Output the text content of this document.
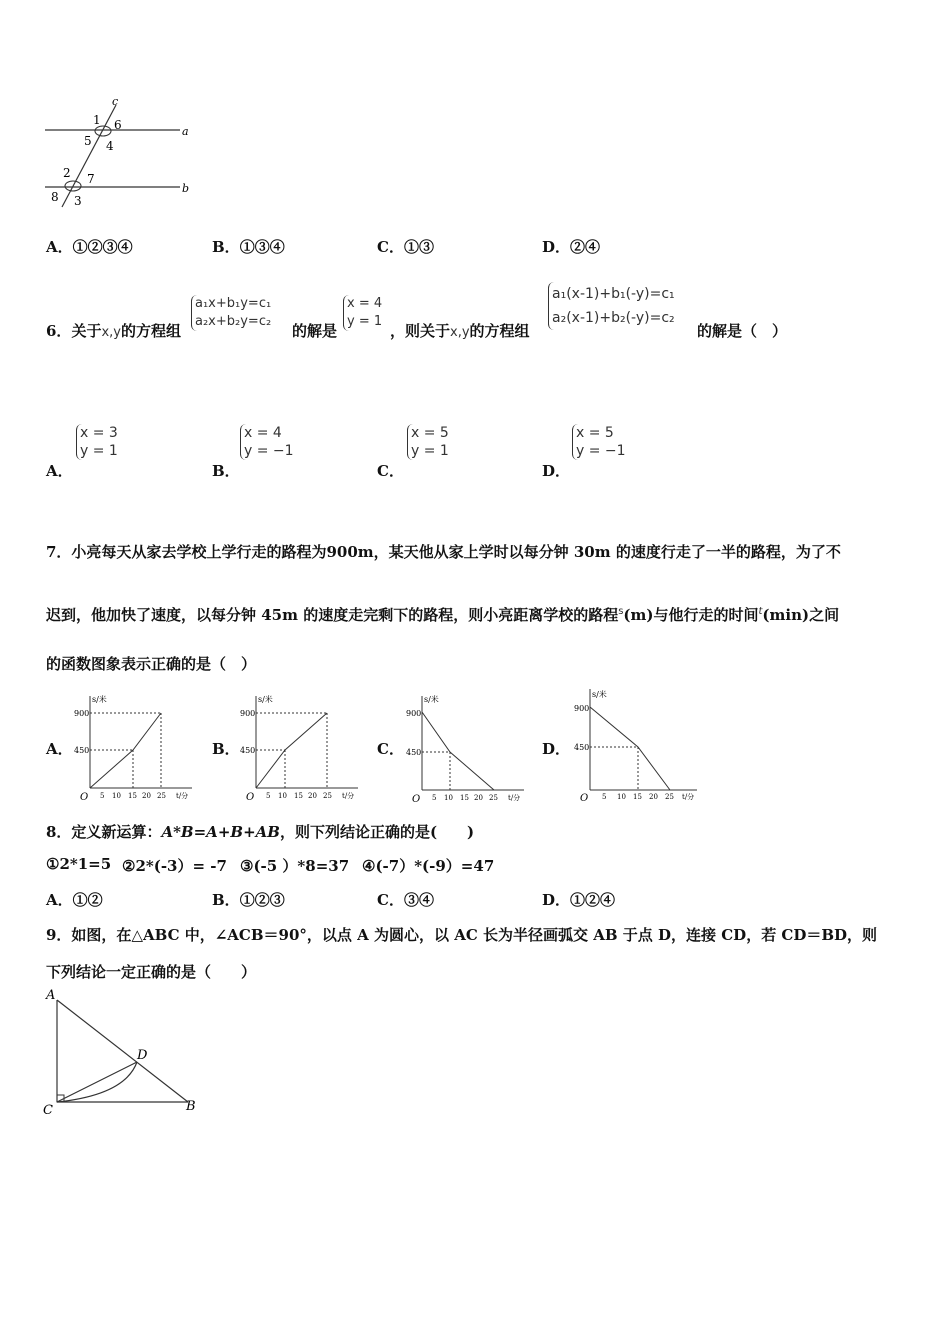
c
a
b
1 6
5 4
2 7
8 3
A．①②③④	B．①③④	C．①③	D．②④
6．关于x,y的方程组
a₁x+b₁y=c₁
a₂x+b₂y=c₂
的解是
x = 4
y = 1
，则关于x,y的方程组
a₁(x-1)+b₁(-y)=c₁
a₂(x-1)+b₂(-y)=c₂
的解是（　）
A．
x = 3
y = 1
B．
x = 4
y = −1
C．
x = 5
y = 1
D．
x = 5
y = −1
7．小亮每天从家去学校上学行走的路程为900m，某天他从家上学时以每分钟 30m 的速度行走了一半的路程，为了不
迟到，他加快了速度，以每分钟 45m 的速度走完剩下的路程，则小亮距离学校的路程$^s$(m)与他行走的时间$^t$(min)之间
的函数图象表示正确的是（　）
A．	B．	C．	D．
s/米
900
450
O 5 10 15 20 25 t/分
s/米
900
450
O 5 10 15 20 25 t/分
s/米
900
450
O 5 10 15 20 25 t/分
s/米
900
450
O 5 10 15 20 25 t/分
8．定义新运算：A*B=A+B+AB，则下列结论正确的是(　　)
①2*1=5 ②2*(-3）= -7 ③(-5 ）*8=37 ④(-7）*(-9）=47
A．①②	B．①②③	C．③④	D．①②④
9．如图，在△ABC 中，∠ACB＝90°，以点 A 为圆心，以 AC 长为半径画弧交 AB 于点 D，连接 CD，若 CD＝BD，则
下列结论一定正确的是（　　）
A
D
C	B
